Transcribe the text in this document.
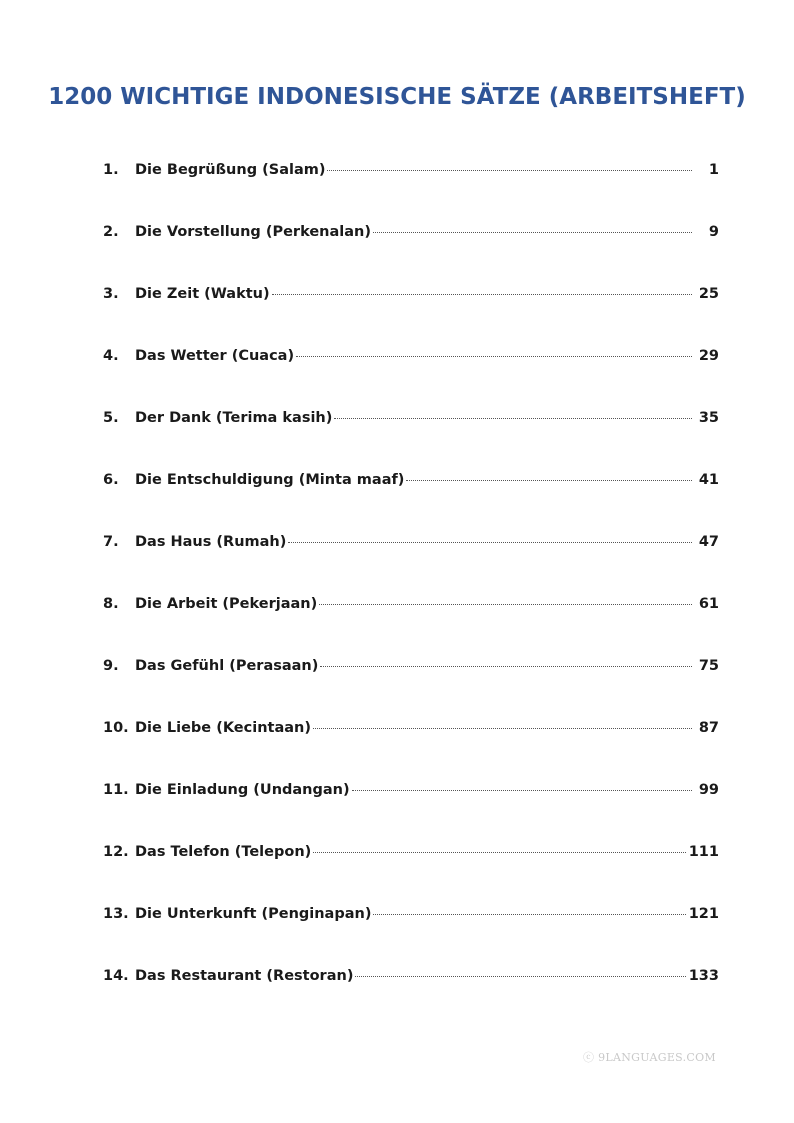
1200 WICHTIGE INDONESISCHE SÄTZE (ARBEITSHEFT)
1.	Die Begrüßung (Salam)	1
2.	Die Vorstellung (Perkenalan)	9
3.	Die Zeit (Waktu)	25
4.	Das Wetter (Cuaca)	29
5.	Der Dank (Terima kasih)	35
6.	Die Entschuldigung (Minta maaf)	41
7.	Das Haus (Rumah)	47
8.	Die Arbeit (Pekerjaan)	61
9.	Das Gefühl (Perasaan)	75
10. Die Liebe (Kecintaan)	87
11. Die Einladung (Undangan)	99
12. Das Telefon (Telepon)	111
13. Die Unterkunft (Penginapan)	121
14. Das Restaurant (Restoran)	133
ⓒ 9LANGUAGES.COM
